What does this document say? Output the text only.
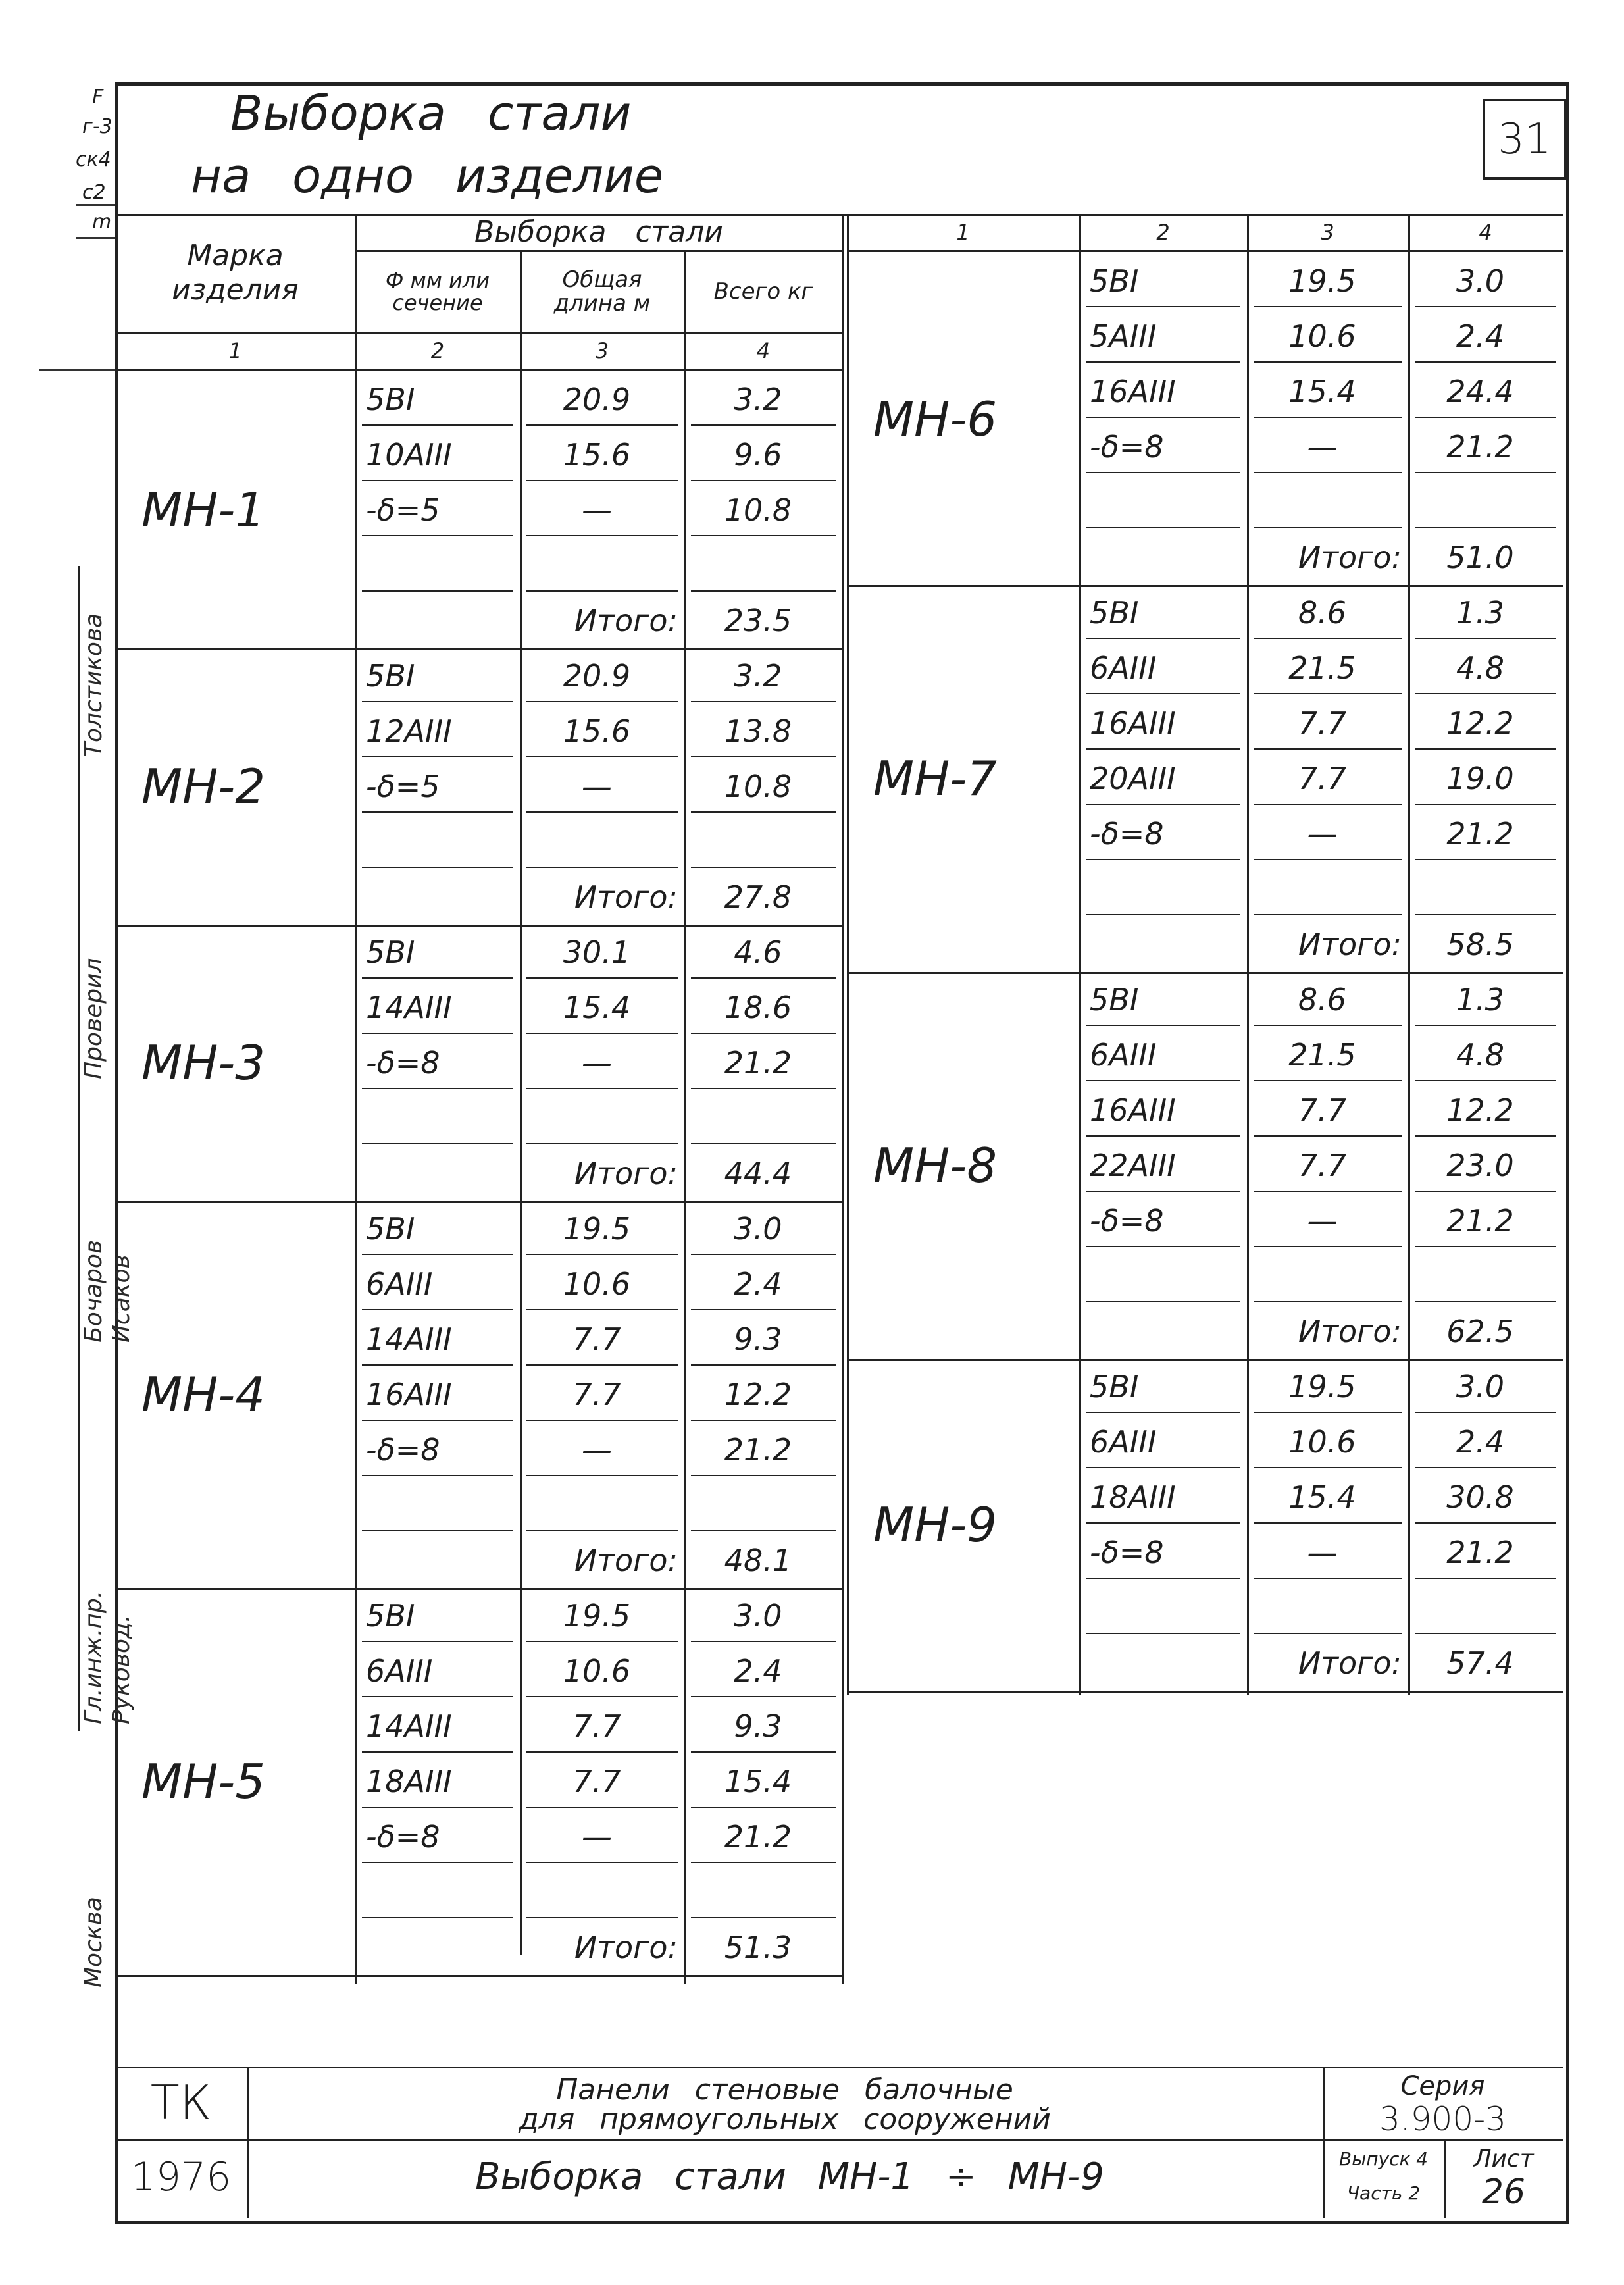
31
Выборка стали
на одно изделие
F
г-3
ск4
с2
m
Толстикова
Проверил
Бочаров Исаков
Гл.инж.пр. Руковод.
Москва
Марка изделия
Выборка стали
Ф мм или сечение
Общая длина м	Всего кг
1	2	3	4
1	2	3	4
МН-1
5ВI	20.9	3.2
10АIII	15.6	9.6
-δ=5	—	10.8
Итого:	23.5
МН-2
5ВI	20.9	3.2
12АIII	15.6	13.8
-δ=5	—	10.8
Итого:	27.8
МН-3
5ВI	30.1	4.6
14АIII	15.4	18.6
-δ=8	—	21.2
Итого:	44.4
МН-4
5ВI	19.5	3.0
6АIII	10.6	2.4
14АIII	7.7	9.3
16АIII	7.7	12.2
-δ=8	—	21.2
Итого:	48.1
МН-5
5ВI	19.5	3.0
6АIII	10.6	2.4
14АIII	7.7	9.3
18АIII	7.7	15.4
-δ=8	—	21.2
Итого:	51.3
МН-6
5ВI	19.5	3.0
5АIII	10.6	2.4
16АIII	15.4	24.4
-δ=8	—	21.2
Итого:	51.0
МН-7
5ВI	8.6	1.3
6АIII	21.5	4.8
16АIII	7.7	12.2
20АIII	7.7	19.0
-δ=8	—	21.2
Итого:	58.5
МН-8
5ВI	8.6	1.3
6АIII	21.5	4.8
16АIII	7.7	12.2
22АIII	7.7	23.0
-δ=8	—	21.2
Итого:	62.5
МН-9
5ВI	19.5	3.0
6АIII	10.6	2.4
18АIII	15.4	30.8
-δ=8	—	21.2
Итого:	57.4
ТК
1976
Панели стеновые балочные
для прямоугольных сооружений
Выборка стали МН-1 ÷ МН-9
Серия
3.900-3
Выпуск 4
Часть 2
Лист
26
